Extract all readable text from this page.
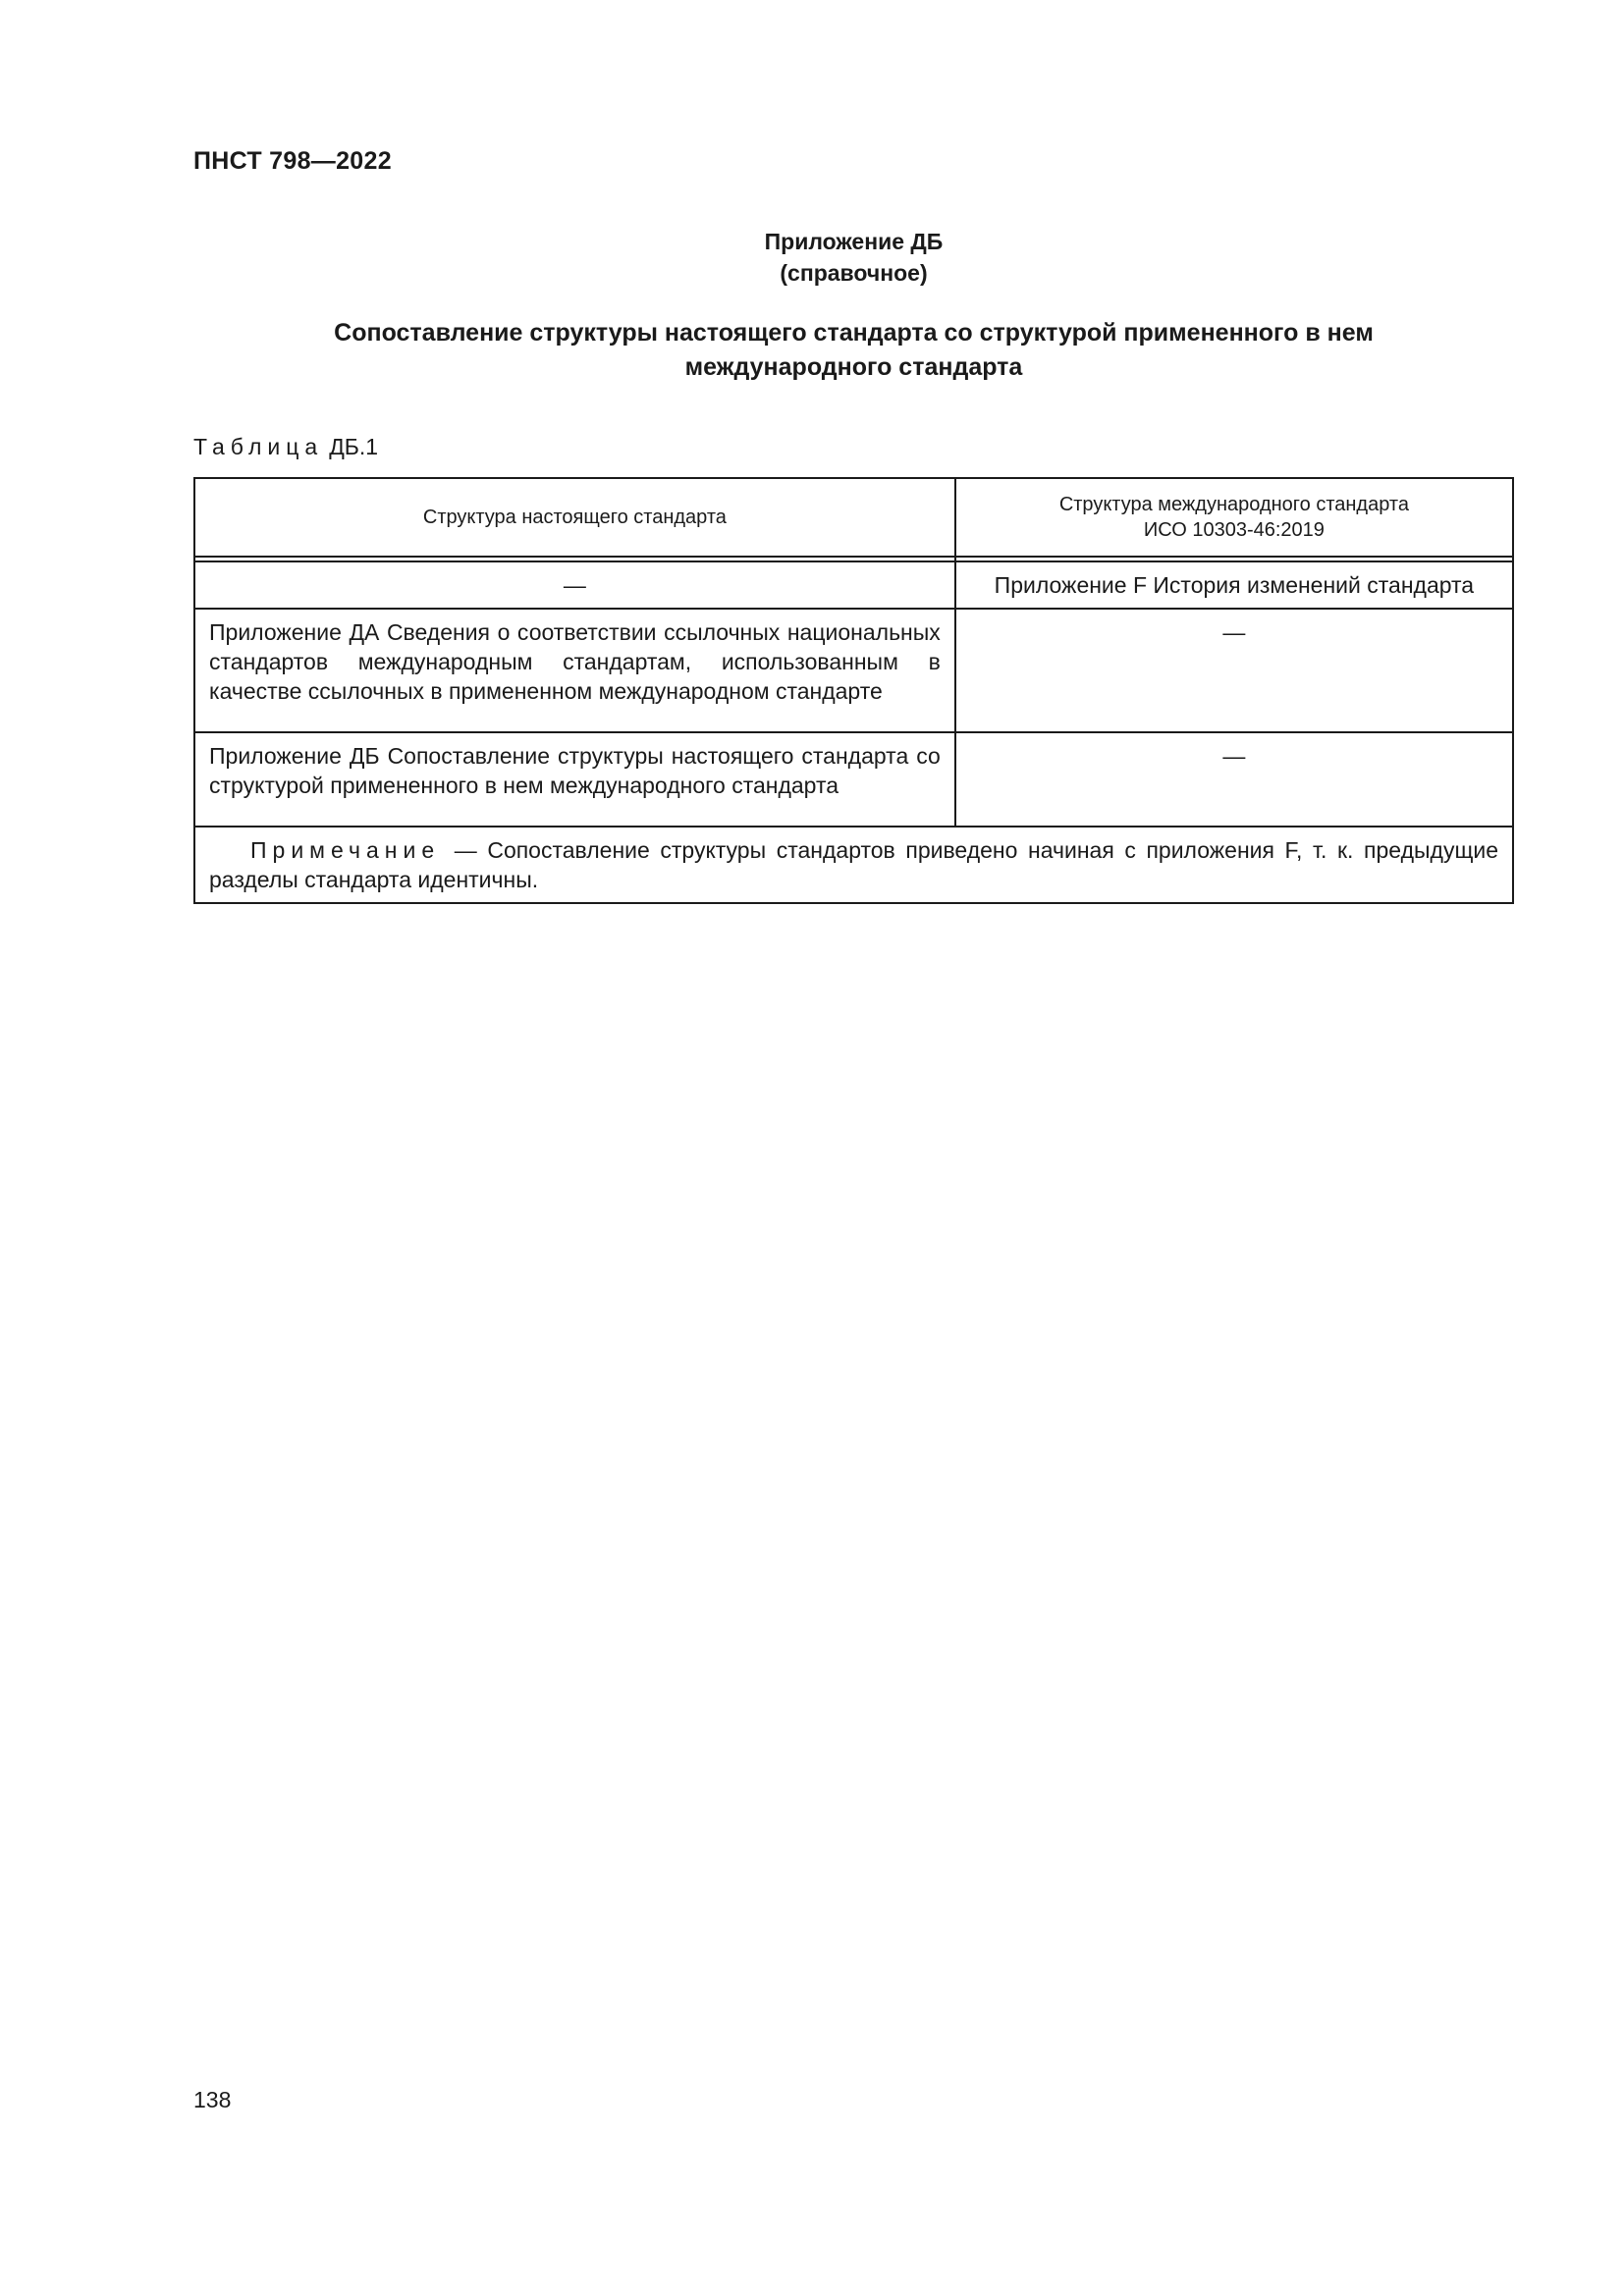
ПНСТ 798—2022
Приложение ДБ
(справочное)
Сопоставление структуры настоящего стандарта со структурой примененного в нем
международного стандарта
Таблица ДБ.1
Структура настоящего стандарта	Структура международного стандарта
ИСО 10303-46:2019

—	Приложение F История изменений стандарта
Приложение ДА Сведения о соответствии ссылочных национальных стандартов международным стандартам, использованным в качестве ссылочных в примененном международном стандарте	—
Приложение ДБ Сопоставление структуры настоящего стандарта со структурой примененного в нем международного стандарта	—
Примечание — Сопоставление структуры стандартов приведено начиная с приложения F, т. к. предыдущие разделы стандарта идентичны.	
138
